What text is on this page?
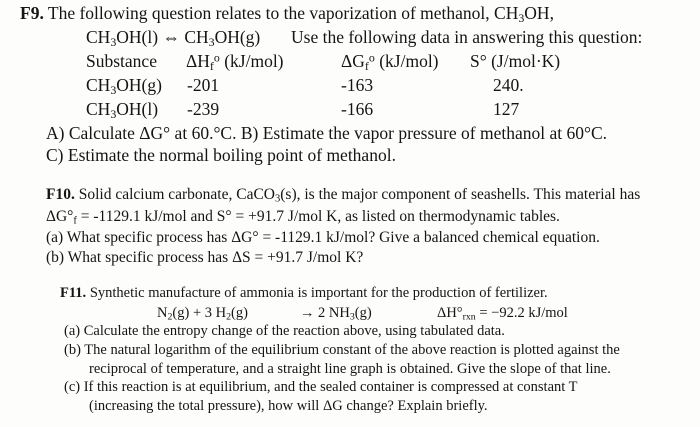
F9. The following question relates to the vaporization of methanol, $CH_3OH$,
$CH_3OH(l)$ ⇔ $CH_3OH(g)$ Use the following data in answering this question:
Substance $\Delta H_f^o$ (kJ/mol)	$\Delta G_f^o$ (kJ/mol) S° (J/mol·K)
$CH_3OH(g)$ -201	-163	240.
$CH_3OH(l)$ -239	-166	127
A) Calculate ΔG° at 60.°C. B) Estimate the vapor pressure of methanol at 60°C.
C) Estimate the normal boiling point of methanol.
F10. Solid calcium carbonate, CaCO$_3$(s), is the major component of seashells. This material has
$\Delta G^\circ_f = -1129.1$ kJ/mol and S° = +91.7 J/mol K, as listed on thermodynamic tables.
(a) What specific process has ΔG° = -1129.1 kJ/mol? Give a balanced chemical equation.
(b) What specific process has ΔS = +91.7 J/mol K?
F11. Synthetic manufacture of ammonia is important for the production of fertilizer.
$N_2(g) + 3$ $H_2(g)$	→ 2 $NH_3(g)$	$\Delta H^\circ_{rxn} = -92.2$ kJ/mol
(a) Calculate the entropy change of the reaction above, using tabulated data.
(b) The natural logarithm of the equilibrium constant of the above reaction is plotted against the
reciprocal of temperature, and a straight line graph is obtained. Give the slope of that line.
(c) If this reaction is at equilibrium, and the sealed container is compressed at constant T
(increasing the total pressure), how will ΔG change? Explain briefly.
